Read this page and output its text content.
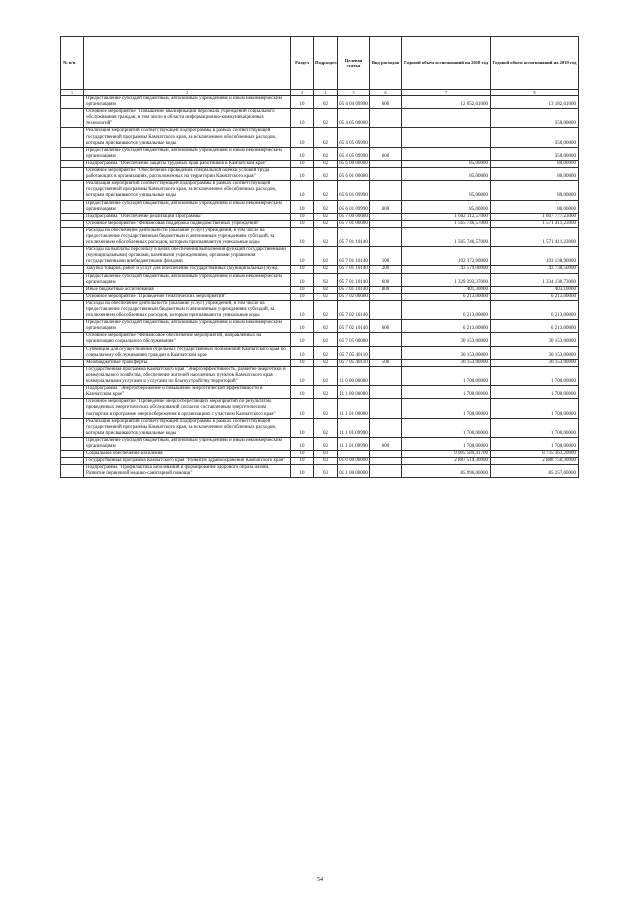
№ п/п		Раздел	Подраздел	Целевая статья	Вид расходов	Годовой объем ассигнований на 2018 год	Годовой объем ассигнований на 2019 год
1	2	3	4	5	6	7	8
	Предоставление субсидий бюджетным, автономным учреждениям и иным некоммерческим организациям	10	02	05 4 04 09990	600	12 052,61000	13 182,61000
	Основное мероприятие "Повышение квалификации персонала учреждений социального обслуживания граждан, в том числе в области информационно-коммуникационных технологий"	10	02	05 4 05 00000			350,00000
	Реализация мероприятий соответствующей подпрограммы в рамках соответствующей государственной программы Камчатского края, за исключением обособленных расходов, которым присваиваются уникальные коды	10	02	05 4 05 09990			350,00000
	Предоставление субсидий бюджетным, автономным учреждениям и иным некоммерческим организациям	10	02	05 4 05 09990	600		350,00000
	Подпрограмма "Обеспечение защиты трудовых прав работников в Камчатском крае"	10	02	05 6 00 00000		85,00000	80,00000
	Основное мероприятие "Обеспечение проведения специальной оценки условий труда работающих в организациях, расположенных на территории Камчатского края"	10	02	05 6 01 00000		85,00000	80,00000
	Реализация мероприятий соответствующей подпрограммы в рамках соответствующей государственной программы Камчатского края, за исключением обособленных расходов, которым присваиваются уникальные коды	10	02	05 6 01 09990		85,00000	80,00000
	Предоставление субсидий бюджетным, автономным учреждениям и иным некоммерческим организациям	10	02	05 6 01 09990	600	85,00000	80,00000
	Подпрограмма "Обеспечение реализации Программы"	10	02	05 7 00 00000		1 602 112,57000	1 607 777,23000
	Основное мероприятие "Финансовая поддержка подведомственных учреждений"	10	02	05 7 01 00000		1 565 746,57000	1 571 411,23000
	Расходы на обеспечение деятельности (оказание услуг) учреждений, в том числе на предоставление государственным бюджетным и автономным учреждениям субсидий, за исключением обособленных расходов, которым присваиваются уникальные коды	10	02	05 7 01 10140		1 565 746,57000	1 571 411,23000
	Расходы на выплаты персоналу в целях обеспечения выполнения функций государственными (муниципальными) органами, казенными учреждениями, органами управления государственными внебюджетными фондами	10	02	05 7 01 10140	100	192 372,90000	193 138,90000
	Закупка товаров, работ и услуг для обеспечения государственных (муниципальных) нужд	10	02	05 7 01 10140	200	43 579,00000	43 738,50000
	Предоставление субсидий бюджетным, автономным учреждениям и иным некоммерческим организациям	10	02	05 7 01 10140	600	1 329 393,37000	1 334 130,73000
	Иные бюджетные ассигнования	10	02	05 7 01 10140	800	401,30000	403,10000
	Основное мероприятие "Проведение тематических мероприятий"	10	02	05 7 02 00000		6 213,00000	6 213,00000
	Расходы на обеспечение деятельности (оказание услуг) учреждений, в том числе на предоставление государственным бюджетным и автономным учреждениям субсидий, за исключением обособленных расходов, которым присваиваются уникальные коды	10	02	05 7 02 10140		6 213,00000	6 213,00000
	Предоставление субсидий бюджетным, автономным учреждениям и иным некоммерческим организациям	10	02	05 7 02 10140	600	6 213,00000	6 213,00000
	Основное мероприятие "Финансовое обеспечение мероприятий, направленных на организацию социального обслуживания"	10	02	05 7 05 00000		30 153,00000	30 153,00000
	Субвенции для осуществления отдельных государственных полномочий Камчатского края по социальному обслуживанию граждан в Камчатском крае	10	02	05 7 05 40110		30 153,00000	30 153,00000
	Межбюджетные трансферты	10	02	05 7 05 40110	500	30 153,00000	30 153,00000
	Государственная программа Камчатского края "Энергоэффективность, развитие энергетики и коммунального хозяйства, обеспечение жителей населенных пунктов Камчатского края коммунальными услугами и услугами по благоустройству территорий"	10	02	11 0 00 00000		1 700,00000	1 700,00000
	Подпрограмма "Энергосбережение и повышение энергетической эффективности в Камчатском крае"	10	02	11 1 00 00000		1 700,00000	1 700,00000
	Основное мероприятие "Проведение энергосберегающих мероприятий по результатам проведенных энергетических обследований согласно составленным энергетическим паспортам в программе энергосбережения в организациях с участием Камчатского края"	10	02	11 1 01 00000		1 700,00000	1 700,00000
	Реализация мероприятий соответствующей подпрограммы в рамках соответствующей государственной программы Камчатского края, за исключением обособленных расходов, которым присваиваются уникальные коды	10	02	11 1 01 09990		1 700,00000	1 700,00000
	Предоставление субсидий бюджетным, автономным учреждениям и иным некоммерческим организациям	10	02	11 1 01 09990	600	1 700,00000	1 700,00000
	Социальное обеспечение населения	10	03			9 005 589,41700	8 735 363,20000
	Государственная программа Камчатского края "Развитие здравоохранения Камчатского края"	10	03	01 0 00 00000		2 887 519,30000	2 888 750,30000
	Подпрограмма "Профилактика заболеваний и формирование здорового образа жизни. Развитие первичной медико-санитарной помощи"	10	03	01 1 00 00000		85 996,00000	85 257,00000
54
